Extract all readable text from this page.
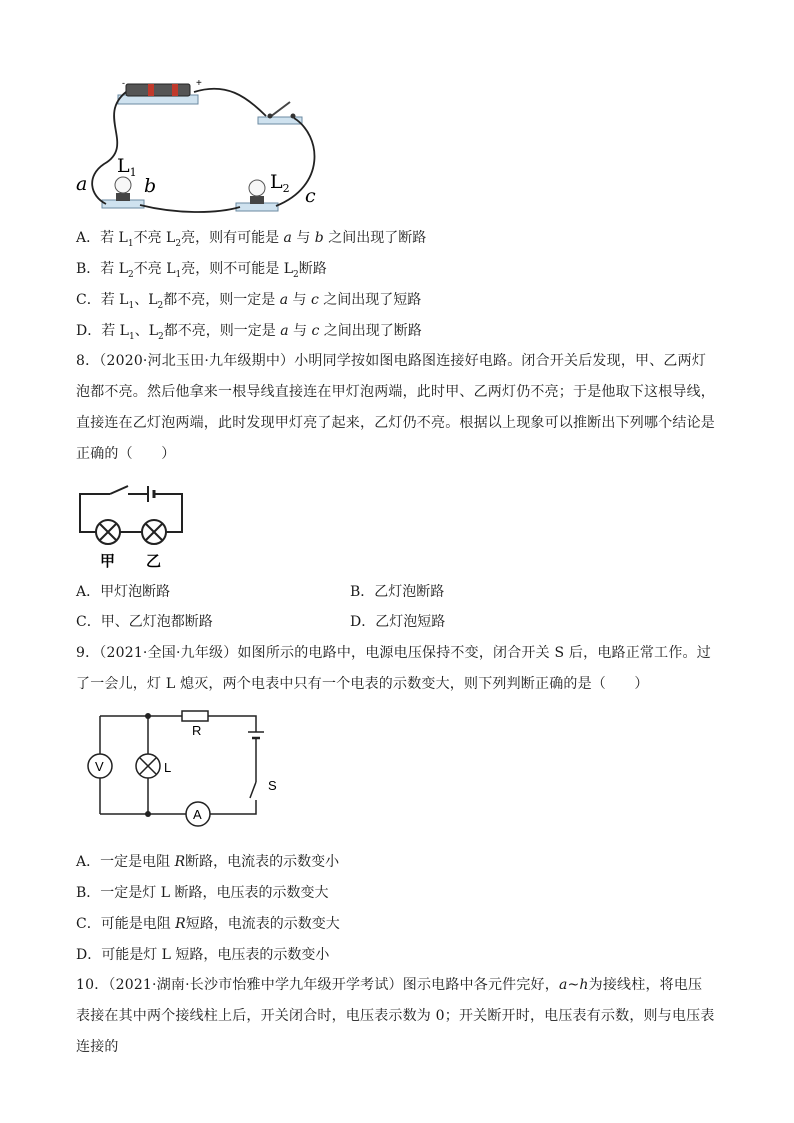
-	+
$L_1$	$L_2$
a	b	c
A．若 $L_1$不亮 $L_2$亮，则有可能是 a 与 b 之间出现了断路
B．若 $L_2$不亮 $L_1$亮，则不可能是 $L_2$断路
C．若 $L_1$、$L_2$都不亮，则一定是 a 与 c 之间出现了短路
D．若 $L_1$、$L_2$都不亮，则一定是 a 与 c 之间出现了断路
8．（2020·河北玉田·九年级期中）小明同学按如图电路图连接好电路。闭合开关后发现，甲、乙两灯泡都不亮。然后他拿来一根导线直接连在甲灯泡两端，此时甲、乙两灯仍不亮；于是他取下这根导线，直接连在乙灯泡两端，此时发现甲灯亮了起来，乙灯仍不亮。根据以上现象可以推断出下列哪个结论是正确的（　　）
甲 乙
A．甲灯泡断路	B．乙灯泡断路
C．甲、乙灯泡都断路	D．乙灯泡短路
9．（2021·全国·九年级）如图所示的电路中，电源电压保持不变，闭合开关 S 后，电路正常工作。过了一会儿，灯 L 熄灭，两个电表中只有一个电表的示数变大，则下列判断正确的是（　　）
V
A
R
L
S
A．一定是电阻 R断路，电流表的示数变小
B．一定是灯 L 断路，电压表的示数变大
C．可能是电阻 R短路，电流表的示数变大
D．可能是灯 L 短路，电压表的示数变小
10．（2021·湖南·长沙市怡雅中学九年级开学考试）图示电路中各元件完好，a~h为接线柱，将电压表接在其中两个接线柱上后，开关闭合时，电压表示数为 0；开关断开时，电压表有示数，则与电压表连接的
